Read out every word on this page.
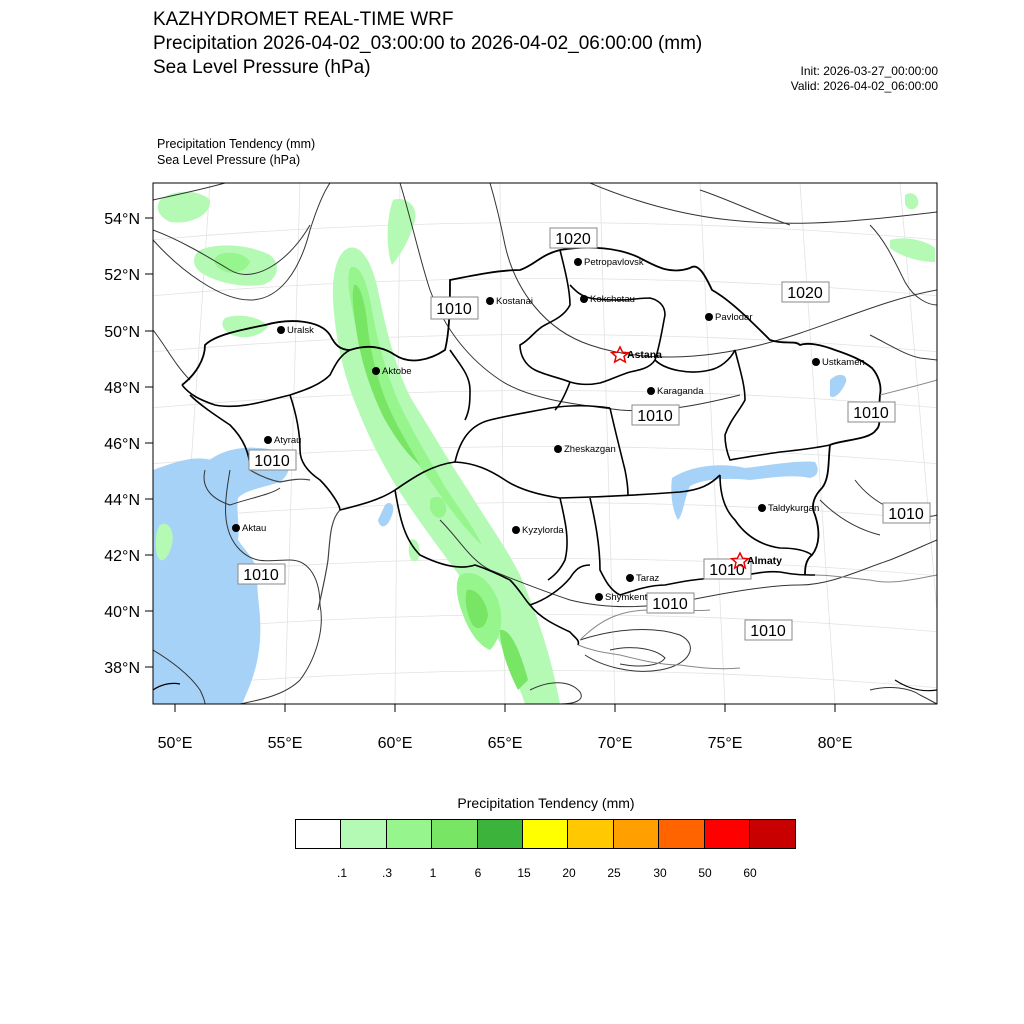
KAZHYDROMET REAL-TIME WRF
Precipitation 2026-04-02_03:00:00 to 2026-04-02_06:00:00 (mm)
Sea Level Pressure (hPa)	Init: 2026-03-27_00:00:00
Valid: 2026-04-02_06:00:00
Precipitation Tendency (mm)
Sea Level Pressure (hPa)
54°N
52°N
50°N
48°N
46°N
44°N
42°N
40°N
38°N
50°E	55°E	60°E	65°E	70°E	75°E	80°E
1020
1020
1010
1010	1010
1010
1010
1010	1010
1010
1010
Petropavlovsk
Kostanai	Kokshetau
Pavlodar
Uralsk
Astana
Ustkamen
Aktobe
Karaganda
Atyrau
Zheskazgan
Kyzylorda
Aktau
Taldykurgan
Almaty
Taraz
Shymkent
Precipitation Tendency (mm)
.1	.3	1	6	15	20	25	30	50	60
